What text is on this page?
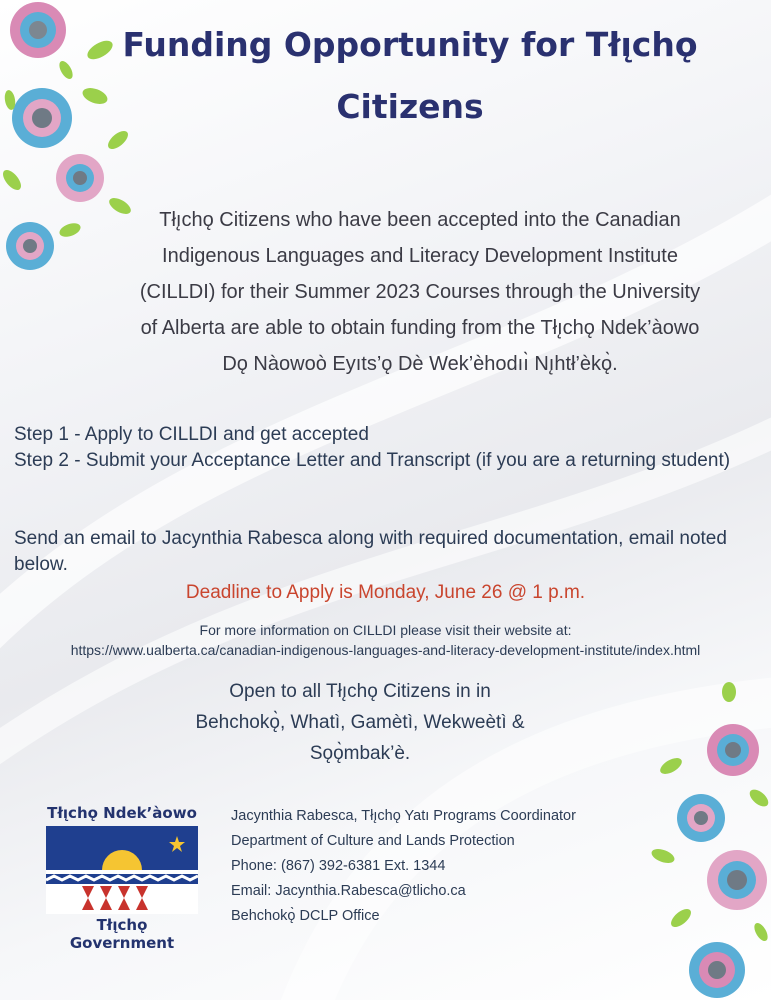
Funding Opportunity for Tłı̨chǫ
Citizens
Tłı̨chǫ Citizens who have been accepted into the Canadian
Indigenous Languages and Literacy Development Institute
(CILLDI) for their Summer 2023 Courses through the University
of Alberta are able to obtain funding from the Tłı̨chǫ Ndek’àowo
Dǫ Nàowoò Eyıts’ǫ Dè Wek’èhodıı̀ Nı̨htł’èkǫ̀.
Step 1 - Apply to CILLDI and get accepted
Step 2 - Submit your Acceptance Letter and Transcript (if you are a returning student)
Send an email to Jacynthia Rabesca along with required documentation, email noted below.
Deadline to Apply is Monday, June 26 @ 1 p.m.
For more information on CILLDI please visit their website at:
https://www.ualberta.ca/canadian-indigenous-languages-and-literacy-development-institute/index.html
Open to all Tłı̨chǫ Citizens in in
Behchokǫ̀, Whatì, Gamètì, Wekweètì &
Sǫǫ̀mbak’è.
Tłı̨chǫ Ndek’àowo
Tłı̨chǫ Government
Jacynthia Rabesca, Tłı̨chǫ Yatı Programs Coordinator
Department of Culture and Lands Protection
Phone: (867) 392-6381 Ext. 1344
Email: Jacynthia.Rabesca@tlicho.ca
Behchokǫ̀ DCLP Office
